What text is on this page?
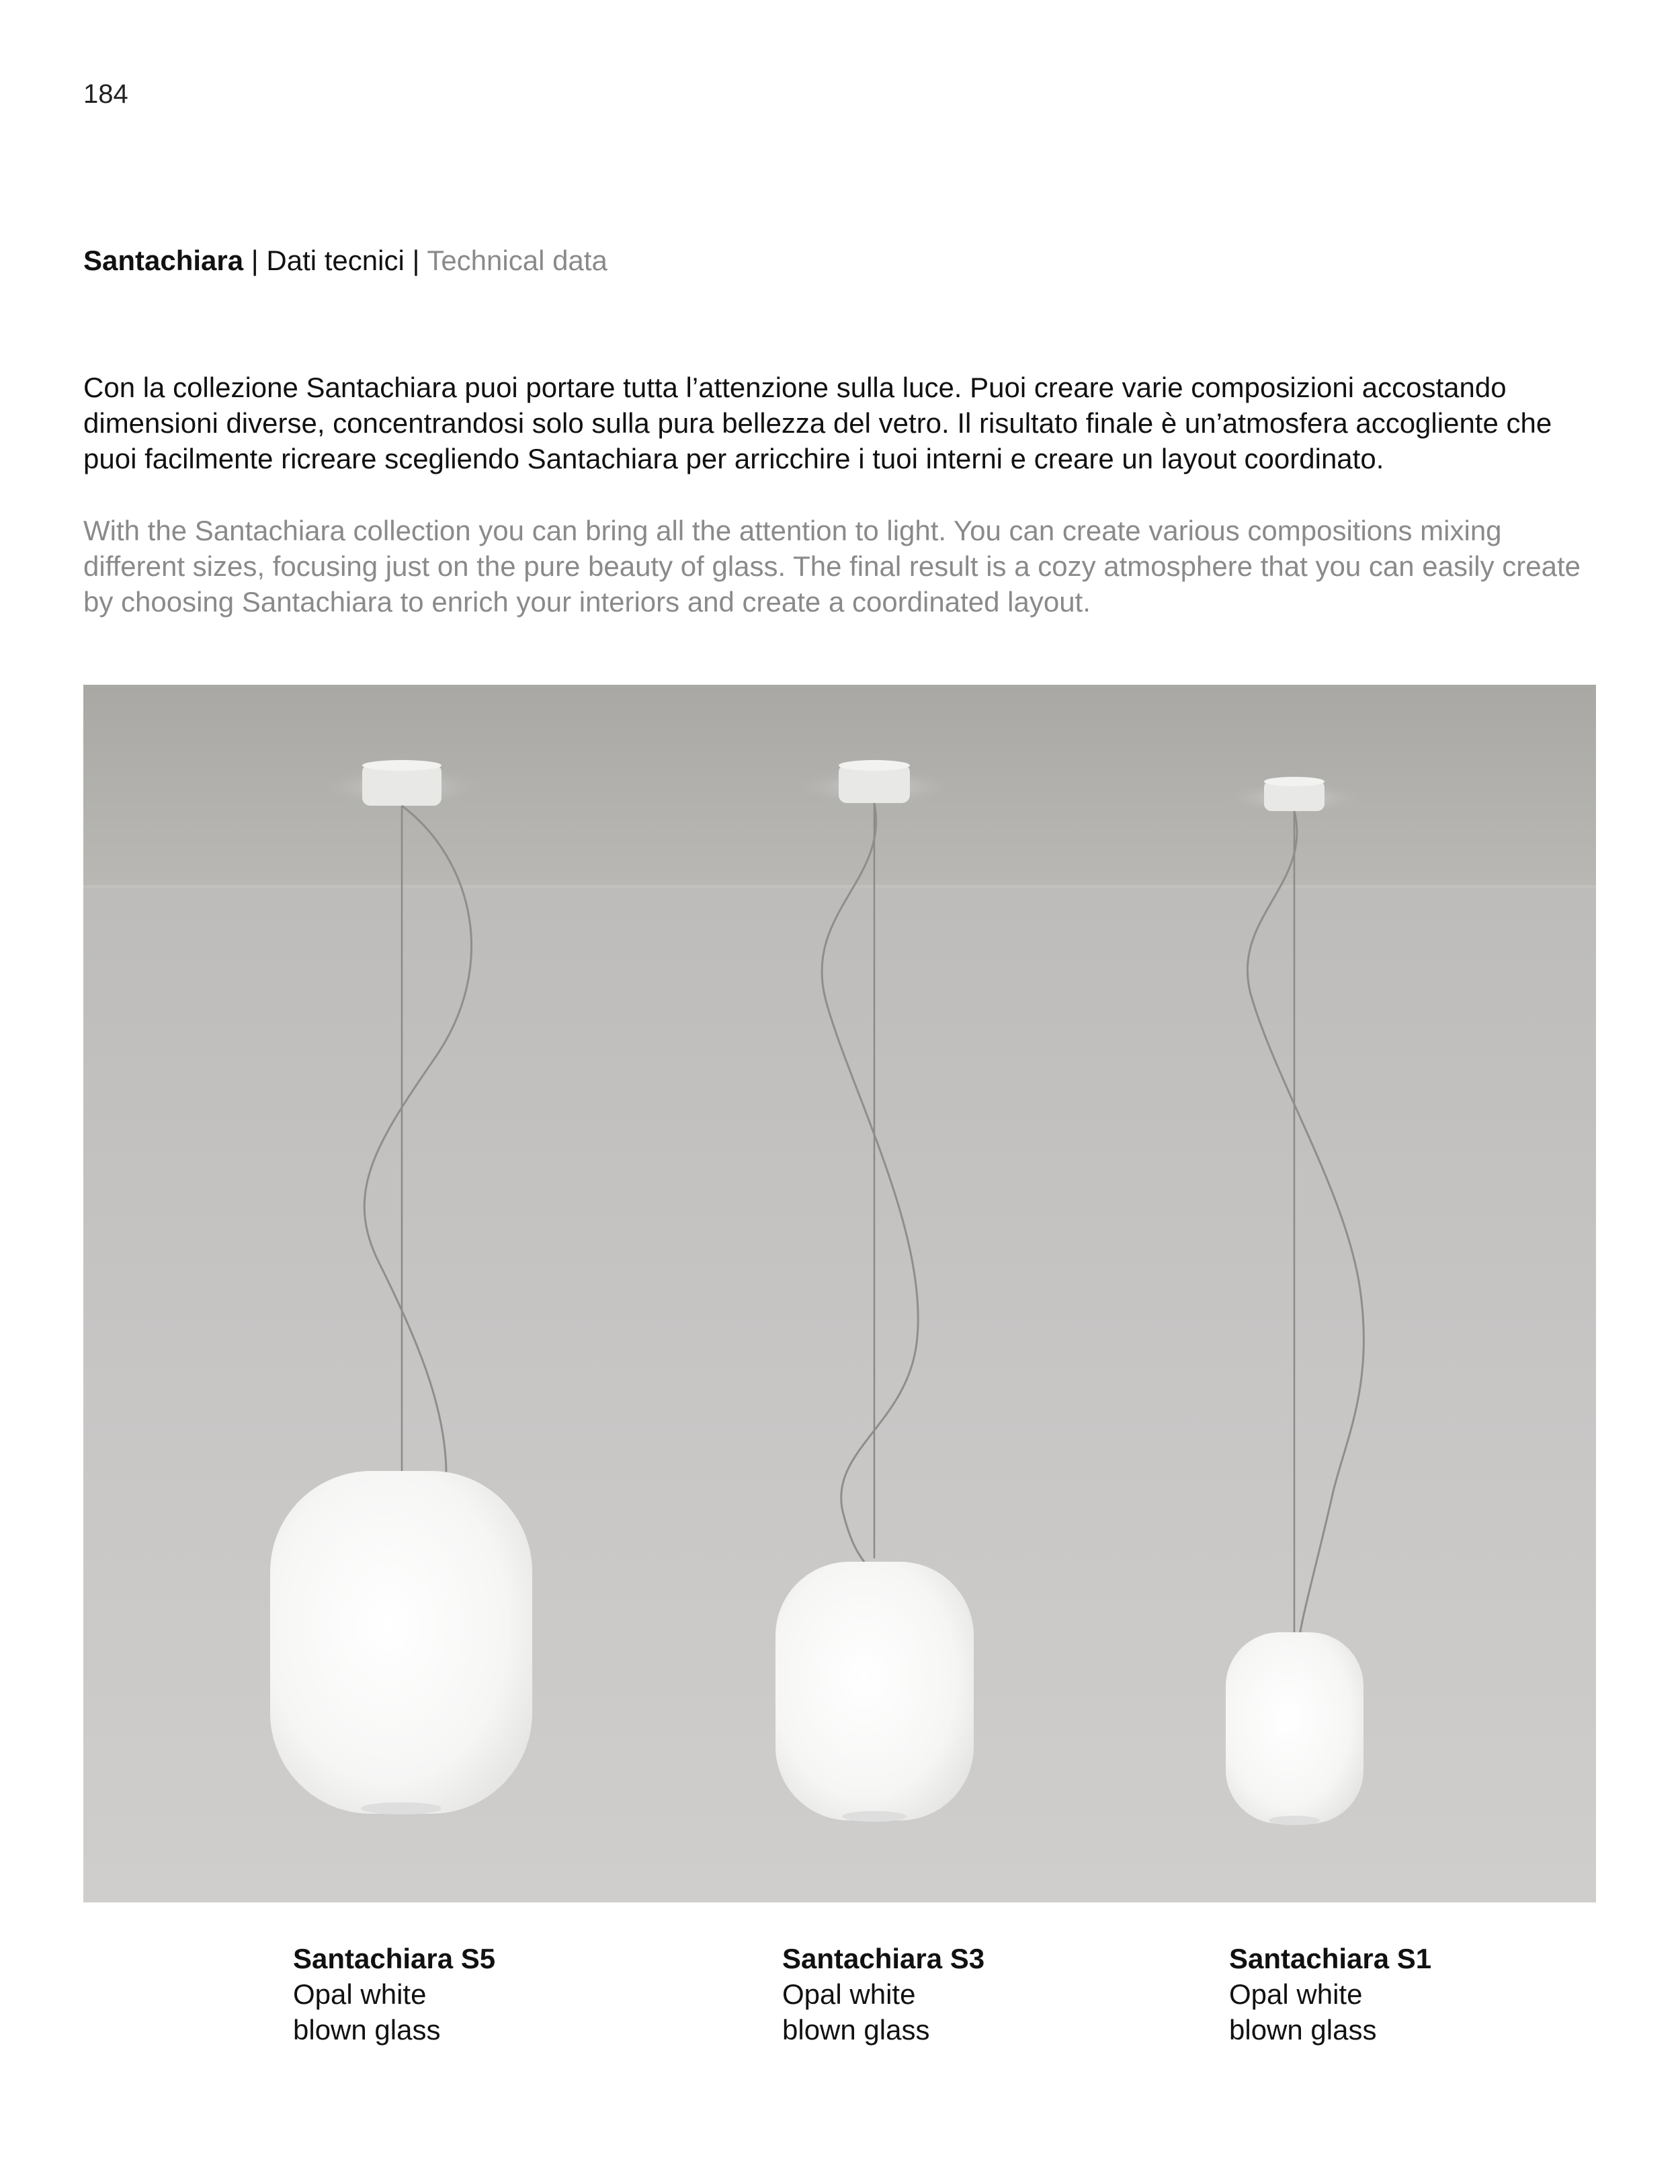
184
Santachiara | Dati tecnici | Technical data

Con la collezione Santachiara puoi portare tutta l’attenzione sulla luce. Puoi creare varie composizioni accostando dimensioni diverse, concentrandosi solo sulla pura bellezza del vetro. Il risultato finale è un’atmosfera accogliente che puoi facilmente ricreare scegliendo Santachiara per arricchire i tuoi interni e creare un layout coordinato.

With the Santachiara collection you can bring all the attention to light. You can create various compositions mixing different sizes, focusing just on the pure beauty of glass. The final result is a cozy atmosphere that you can easily create by choosing Santachiara to enrich your interiors and create a coordinated layout.

Santachiara S5
Opal white
blown glass
Santachiara S3
Opal white
blown glass
Santachiara S1
Opal white
blown glass
